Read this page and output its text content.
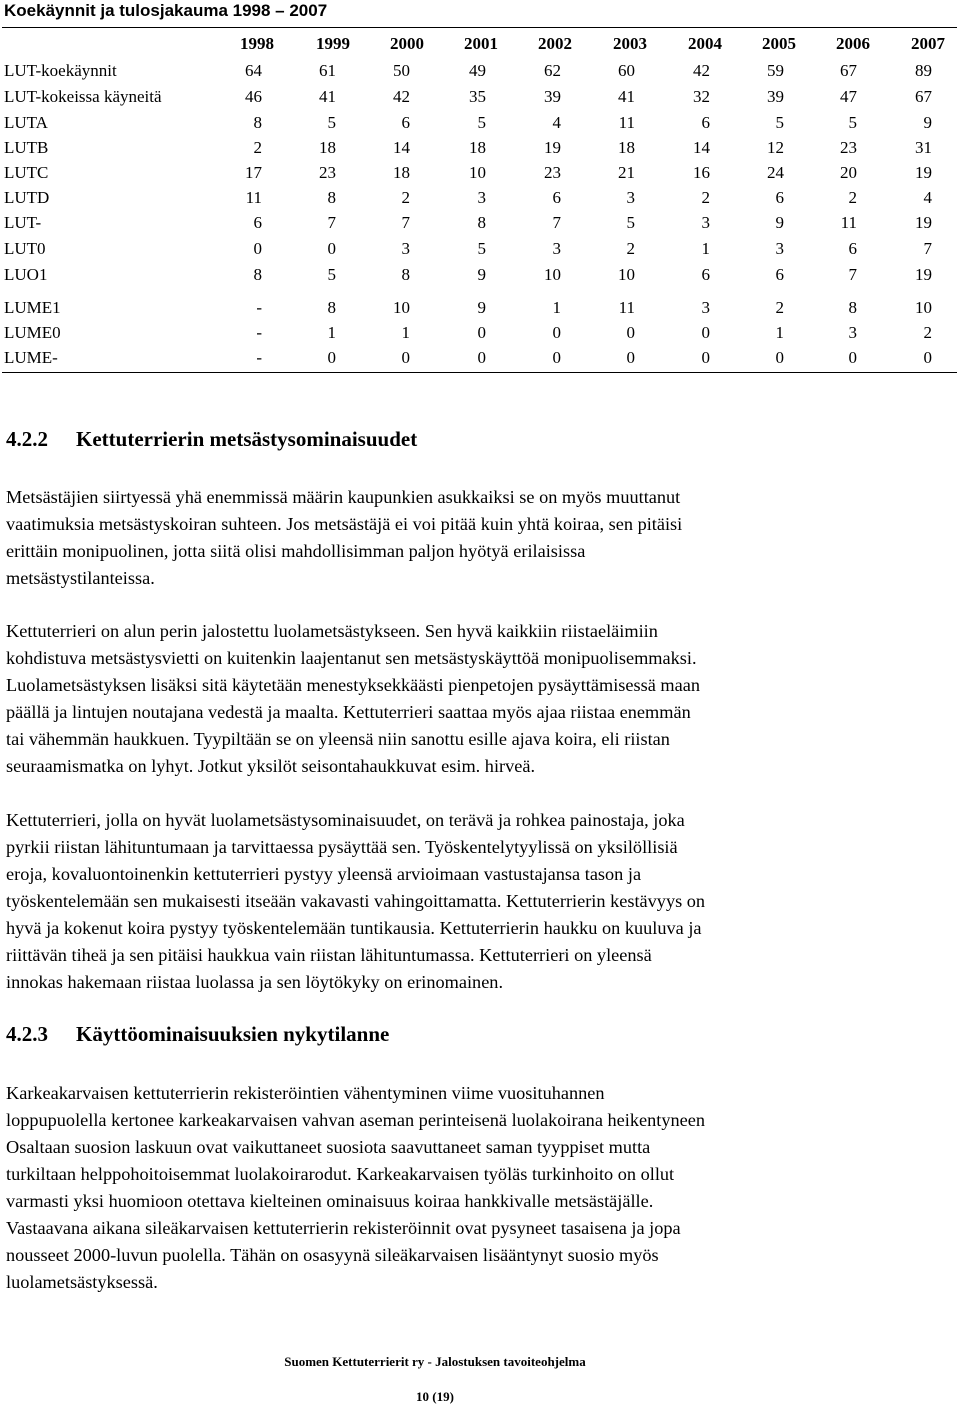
Koekäynnit ja tulosjakauma 1998 – 2007
Suomen Kettuterrierit ry - Jalostuksen tavoiteohjelma
10 (19)
1998	1999	2000	2001	2002	2003	2004	2005	2006	2007
LUT-koekäynnit	64	61	50	49	62	60	42	59	67	89
LUT-kokeissa käyneitä	46	41	42	35	39	41	32	39	47	67
LUTA	8	5	6	5	4	11	6	5	5	9
LUTB	2	18	14	18	19	18	14	12	23	31
LUTC	17	23	18	10	23	21	16	24	20	19
LUTD	11	8	2	3	6	3	2	6	2	4
LUT-	6	7	7	8	7	5	3	9	11	19
LUT0	0	0	3	5	3	2	1	3	6	7
LUO1	8	5	8	9	10	10	6	6	7	19
LUME1	-	8	10	9	1	11	3	2	8	10
LUME0	-	1	1	0	0	0	0	1	3	2
LUME-	-	0	0	0	0	0	0	0	0	0
4.2.2 Kettuterrierin metsästysominaisuudet
Metsästäjien siirtyessä yhä enemmissä määrin kaupunkien asukkaiksi se on myös muuttanut
vaatimuksia metsästyskoiran suhteen. Jos metsästäjä ei voi pitää kuin yhtä koiraa, sen pitäisi
erittäin monipuolinen, jotta siitä olisi mahdollisimman paljon hyötyä erilaisissa
metsästystilanteissa.
Kettuterrieri on alun perin jalostettu luolametsästykseen. Sen hyvä kaikkiin riistaeläimiin
kohdistuva metsästysvietti on kuitenkin laajentanut sen metsästyskäyttöä monipuolisemmaksi.
Luolametsästyksen lisäksi sitä käytetään menestyksekkäästi pienpetojen pysäyttämisessä maan
päällä ja lintujen noutajana vedestä ja maalta. Kettuterrieri saattaa myös ajaa riistaa enemmän
tai vähemmän haukkuen. Tyypiltään se on yleensä niin sanottu esille ajava koira, eli riistan
seuraamismatka on lyhyt. Jotkut yksilöt seisontahaukkuvat esim. hirveä.
Kettuterrieri, jolla on hyvät luolametsästysominaisuudet, on terävä ja rohkea painostaja, joka
pyrkii riistan lähituntumaan ja tarvittaessa pysäyttää sen. Työskentelytyylissä on yksilöllisiä
eroja, kovaluontoinenkin kettuterrieri pystyy yleensä arvioimaan vastustajansa tason ja
työskentelemään sen mukaisesti itseään vakavasti vahingoittamatta. Kettuterrierin kestävyys on
hyvä ja kokenut koira pystyy työskentelemään tuntikausia. Kettuterrierin haukku on kuuluva ja
riittävän tiheä ja sen pitäisi haukkua vain riistan lähituntumassa. Kettuterrieri on yleensä
innokas hakemaan riistaa luolassa ja sen löytökyky on erinomainen.
4.2.3 Käyttöominaisuuksien nykytilanne
Karkeakarvaisen kettuterrierin rekisteröintien vähentyminen viime vuosituhannen
loppupuolella kertonee karkeakarvaisen vahvan aseman perinteisenä luolakoirana heikentyneen
Osaltaan suosion laskuun ovat vaikuttaneet suosiota saavuttaneet saman tyyppiset mutta
turkiltaan helppohoitoisemmat luolakoirarodut. Karkeakarvaisen työläs turkinhoito on ollut
varmasti yksi huomioon otettava kielteinen ominaisuus koiraa hankkivalle metsästäjälle.
Vastaavana aikana sileäkarvaisen kettuterrierin rekisteröinnit ovat pysyneet tasaisena ja jopa
nousseet 2000-luvun puolella. Tähän on osasyynä sileäkarvaisen lisääntynyt suosio myös
luolametsästyksessä.
